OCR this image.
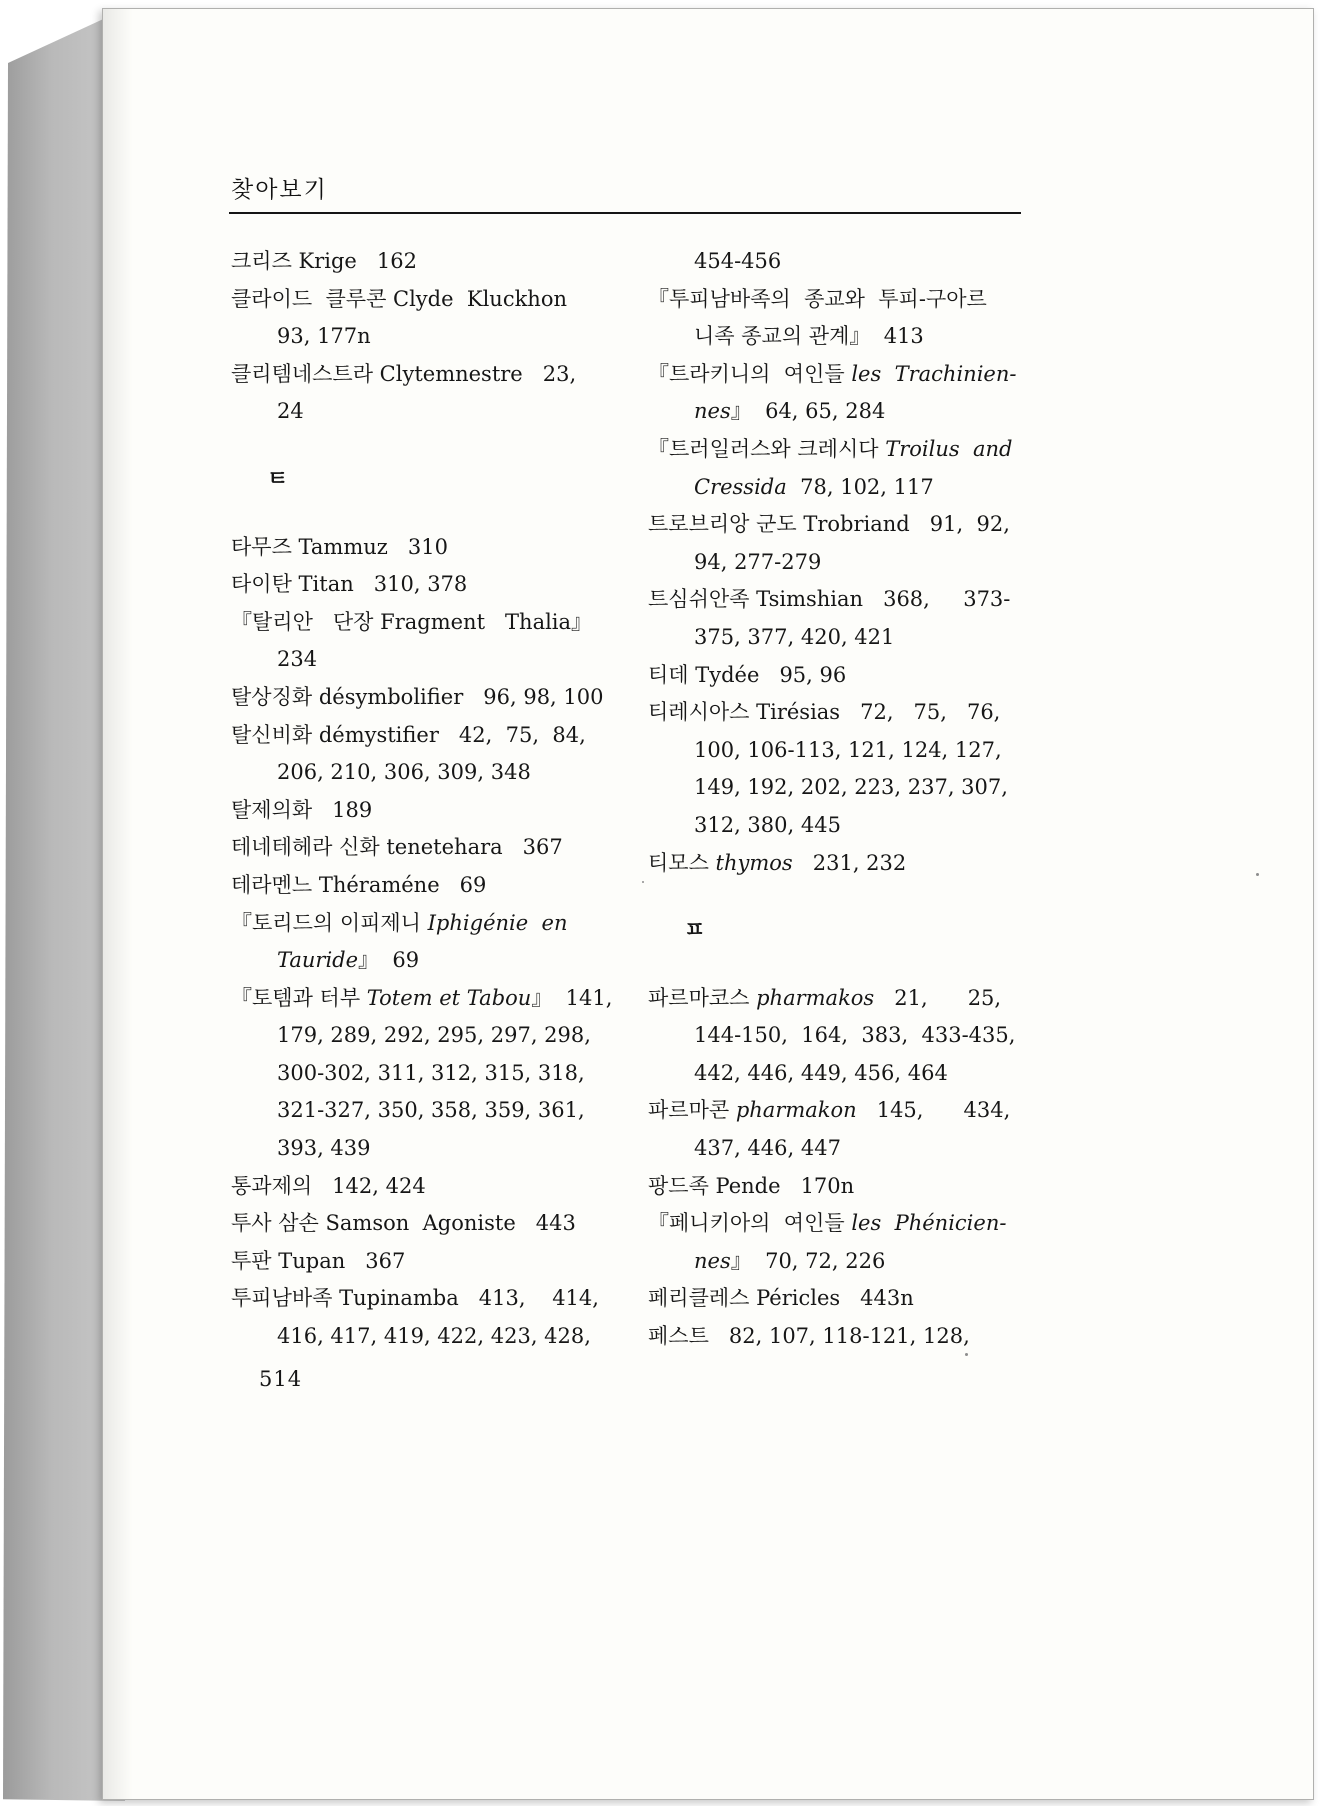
찾아보기
크리즈 Krige   162
클라이드  클루콘 Clyde  Kluckhon
93, 177n
클리템네스트라 Clytemnestre   23,
24
ㅌ
타무즈 Tammuz   310
타이탄 Titan   310, 378
『탈리안   단장 Fragment   Thalia』
234
탈상징화 désymbolifier   96, 98, 100
탈신비화 démystifier   42,  75,  84,
206, 210, 306, 309, 348
탈제의화   189
테네테헤라 신화 tenetehara   367
테라멘느 Théraméne   69
『토리드의 이피제니 Iphigénie  en
Tauride』  69
『토템과 터부 Totem et Tabou』  141,
179, 289, 292, 295, 297, 298,
300-302, 311, 312, 315, 318,
321-327, 350, 358, 359, 361,
393, 439
통과제의   142, 424
투사 삼손 Samson  Agoniste   443
투판 Tupan   367
투피남바족 Tupinamba   413,    414,
416, 417, 419, 422, 423, 428,
454-456
『투피남바족의  종교와  투피-구아르
니족 종교의 관계』  413
『트라키니의  여인들 les  Trachinien-
nes』  64, 65, 284
『트러일러스와 크레시다 Troilus  and
Cressida  78, 102, 117
트로브리앙 군도 Trobriand   91,  92,
94, 277-279
트심쉬안족 Tsimshian   368,     373-
375, 377, 420, 421
티데 Tydée   95, 96
티레시아스 Tirésias   72,   75,   76,
100, 106-113, 121, 124, 127,
149, 192, 202, 223, 237, 307,
312, 380, 445
티모스 thymos   231, 232
ㅍ
파르마코스 pharmakos   21,      25,
144-150,  164,  383,  433-435,
442, 446, 449, 456, 464
파르마콘 pharmakon   145,      434,
437, 446, 447
팡드족 Pende   170n
『페니키아의  여인들 les  Phénicien-
nes』  70, 72, 226
페리클레스 Péricles   443n
페스트   82, 107, 118-121, 128,
514
